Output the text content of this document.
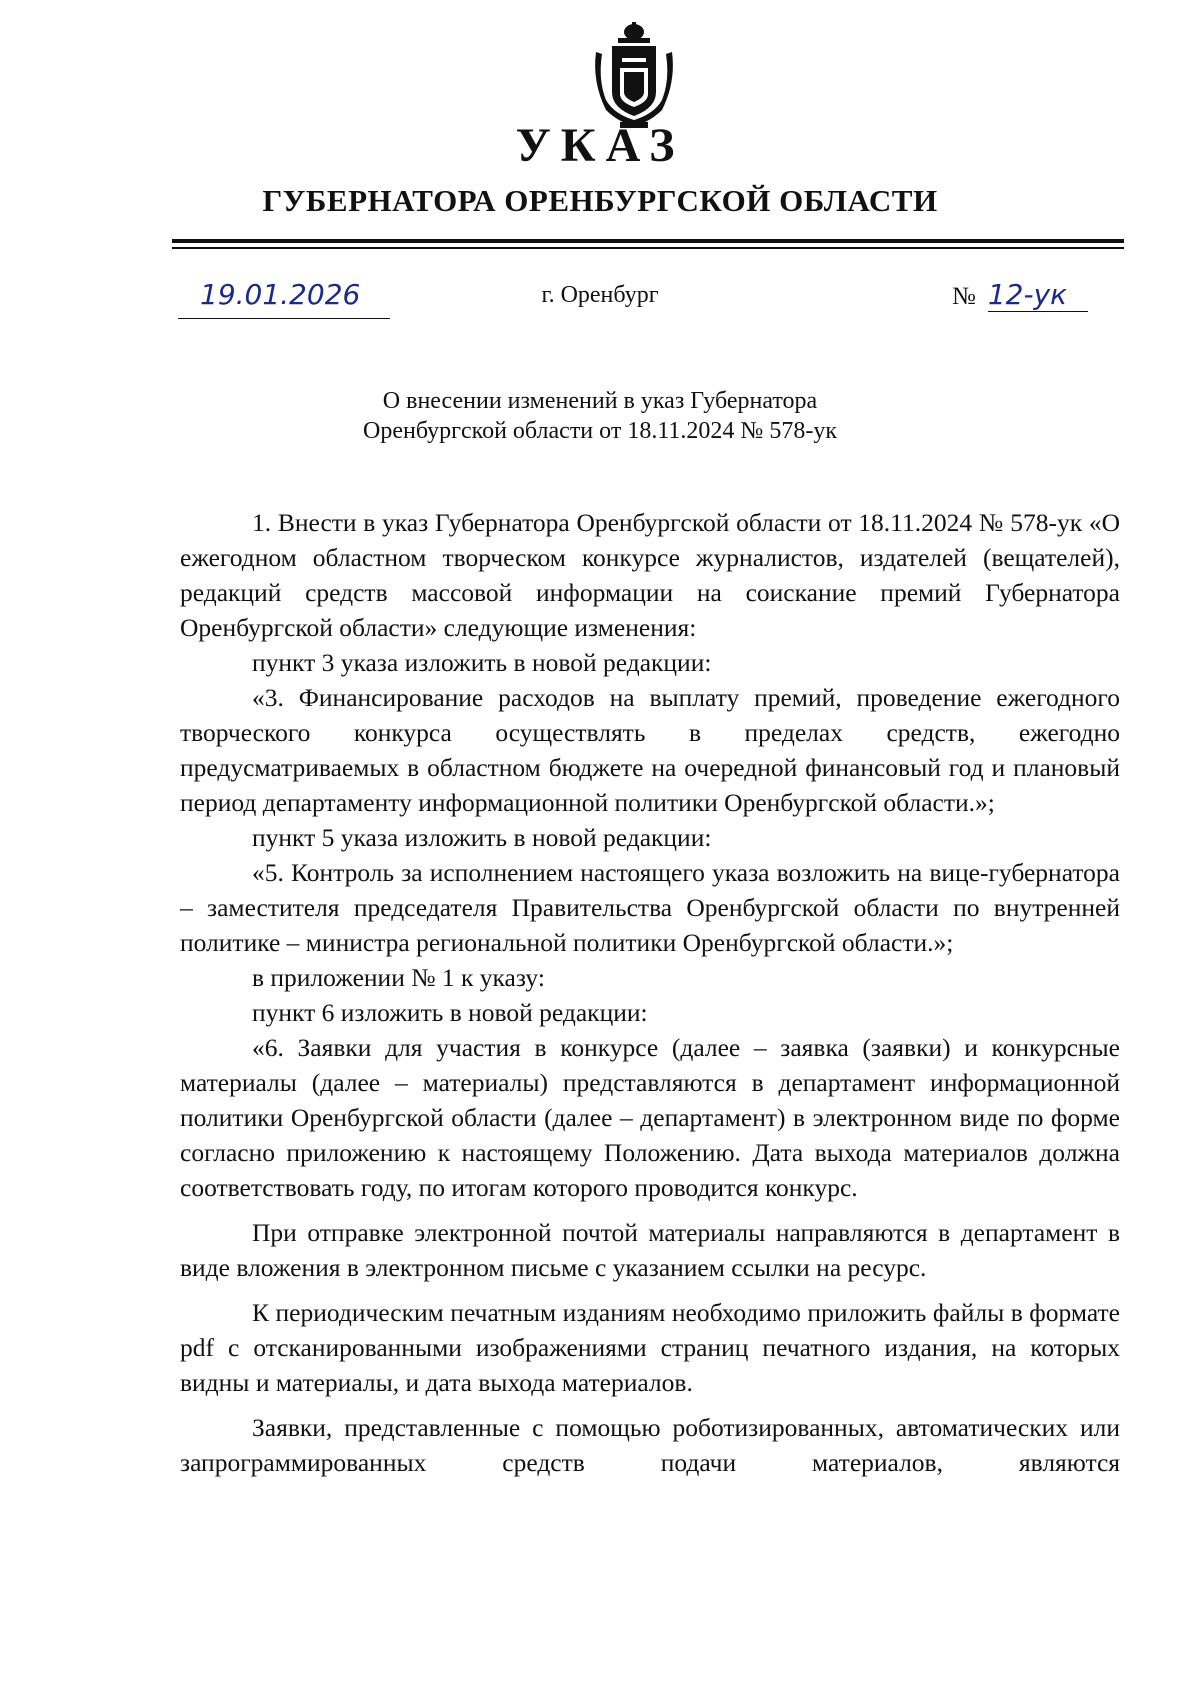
УКАЗ
ГУБЕРНАТОРА ОРЕНБУРГСКОЙ ОБЛАСТИ
19.01.2026	г. Оренбург	№ 12-ук
О внесении изменений в указ Губернатора
Оренбургской области от 18.11.2024 № 578-ук

1. Внести в указ Губернатора Оренбургской области от 18.11.2024 № 578-ук «О ежегодном областном творческом конкурсе журналистов, издателей (вещателей), редакций средств массовой информации на соискание премий Губернатора Оренбургской области» следующие изменения:

пункт 3 указа изложить в новой редакции:

«3. Финансирование расходов на выплату премий, проведение ежегодного творческого конкурса осуществлять в пределах средств, ежегодно предусматриваемых в областном бюджете на очередной финансовый год и плановый период департаменту информационной политики Оренбургской области.»;

пункт 5 указа изложить в новой редакции:

«5. Контроль за исполнением настоящего указа возложить на вице-губернатора – заместителя председателя Правительства Оренбургской области по внутренней политике – министра региональной политики Оренбургской области.»;

в приложении № 1 к указу:

пункт 6 изложить в новой редакции:

«6. Заявки для участия в конкурсе (далее – заявка (заявки) и конкурсные материалы (далее – материалы) представляются в департамент информационной политики Оренбургской области (далее – департамент) в электронном виде по форме согласно приложению к настоящему Положению. Дата выхода материалов должна соответствовать году, по итогам которого проводится конкурс.

При отправке электронной почтой материалы направляются в департамент в виде вложения в электронном письме с указанием ссылки на ресурс.

К периодическим печатным изданиям необходимо приложить файлы в формате pdf с отсканированными изображениями страниц печатного издания, на которых видны и материалы, и дата выхода материалов.

Заявки, представленные с помощью роботизированных, автоматических или запрограммированных средств подачи материалов, являются
